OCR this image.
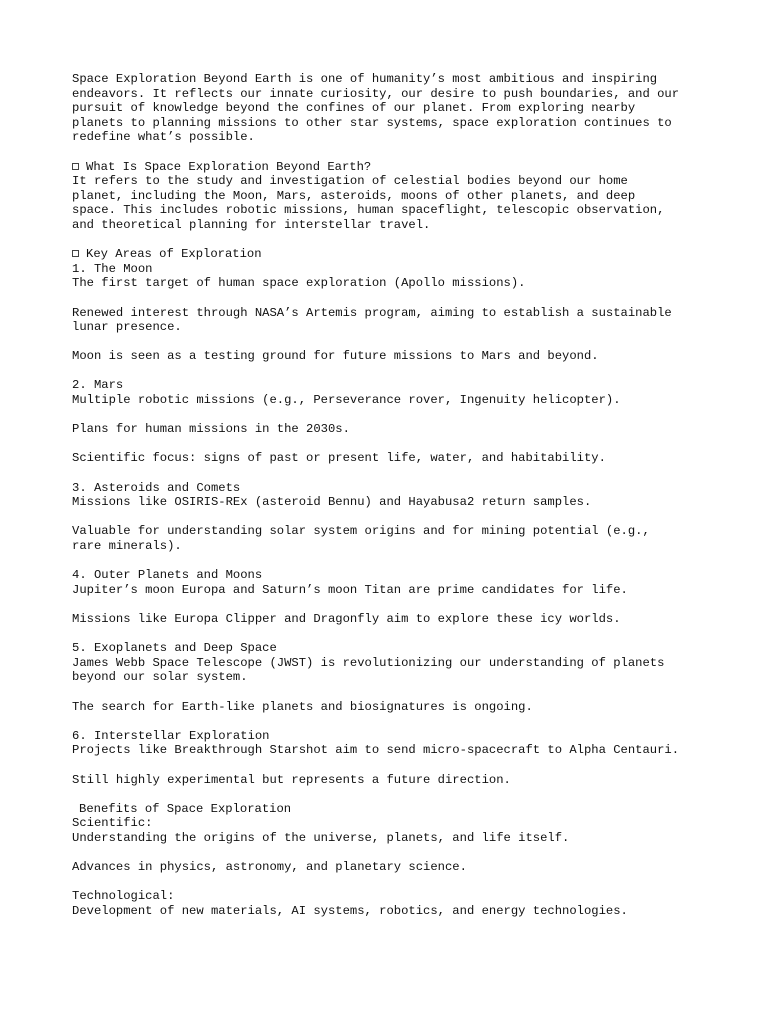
Space Exploration Beyond Earth is one of humanity’s most ambitious and inspiring
endeavors. It reflects our innate curiosity, our desire to push boundaries, and our
pursuit of knowledge beyond the confines of our planet. From exploring nearby
planets to planning missions to other star systems, space exploration continues to
redefine what’s possible.
What Is Space Exploration Beyond Earth?
It refers to the study and investigation of celestial bodies beyond our home
planet, including the Moon, Mars, asteroids, moons of other planets, and deep
space. This includes robotic missions, human spaceflight, telescopic observation,
and theoretical planning for interstellar travel.
Key Areas of Exploration
1. The Moon
The first target of human space exploration (Apollo missions).
Renewed interest through NASA’s Artemis program, aiming to establish a sustainable
lunar presence.
Moon is seen as a testing ground for future missions to Mars and beyond.
2. Mars
Multiple robotic missions (e.g., Perseverance rover, Ingenuity helicopter).
Plans for human missions in the 2030s.
Scientific focus: signs of past or present life, water, and habitability.
3. Asteroids and Comets
Missions like OSIRIS-REx (asteroid Bennu) and Hayabusa2 return samples.
Valuable for understanding solar system origins and for mining potential (e.g.,
rare minerals).
4. Outer Planets and Moons
Jupiter’s moon Europa and Saturn’s moon Titan are prime candidates for life.
Missions like Europa Clipper and Dragonfly aim to explore these icy worlds.
5. Exoplanets and Deep Space
James Webb Space Telescope (JWST) is revolutionizing our understanding of planets
beyond our solar system.
The search for Earth-like planets and biosignatures is ongoing.
6. Interstellar Exploration
Projects like Breakthrough Starshot aim to send micro-spacecraft to Alpha Centauri.
Still highly experimental but represents a future direction.
Benefits of Space Exploration
Scientific:
Understanding the origins of the universe, planets, and life itself.
Advances in physics, astronomy, and planetary science.
Technological:
Development of new materials, AI systems, robotics, and energy technologies.
